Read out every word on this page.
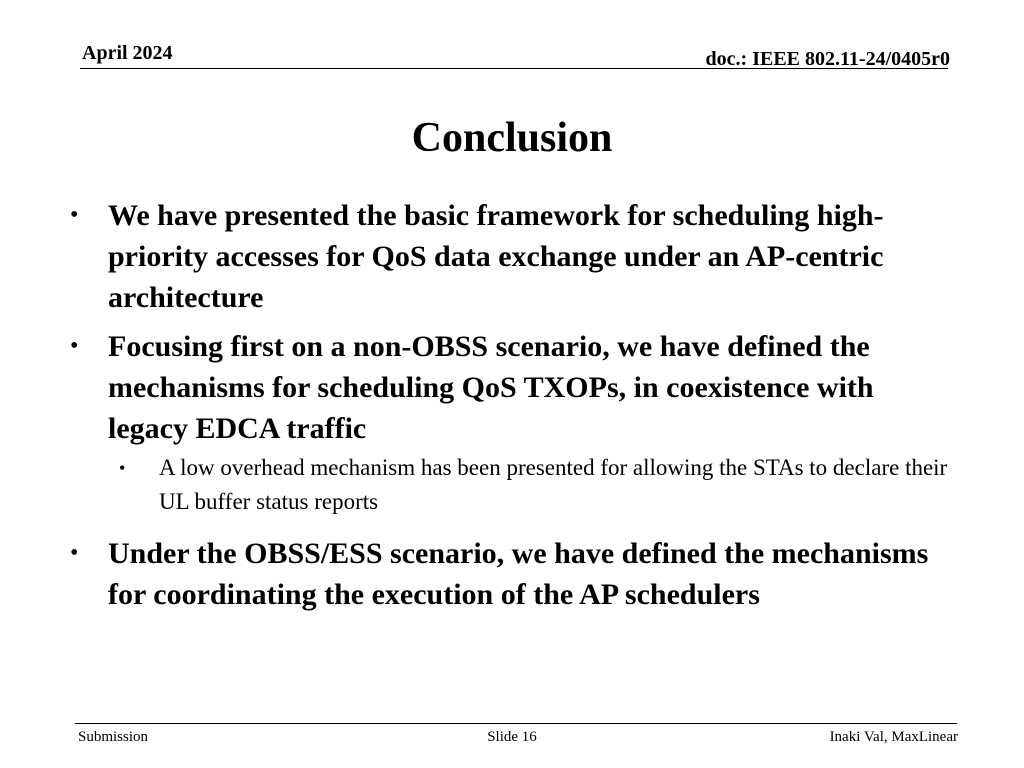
April 2024	doc.: IEEE 802.11-24/0405r0
Conclusion
• We have presented the basic framework for scheduling high-priority accesses for QoS data exchange under an AP-centric architecture
• Focusing first on a non-OBSS scenario, we have defined the mechanisms for scheduling QoS TXOPs, in coexistence with legacy EDCA traffic
• A low overhead mechanism has been presented for allowing the STAs to declare their UL buffer status reports
• Under the OBSS/ESS scenario, we have defined the mechanisms for coordinating the execution of the AP schedulers
Submission	Slide 16	Inaki Val, MaxLinear
